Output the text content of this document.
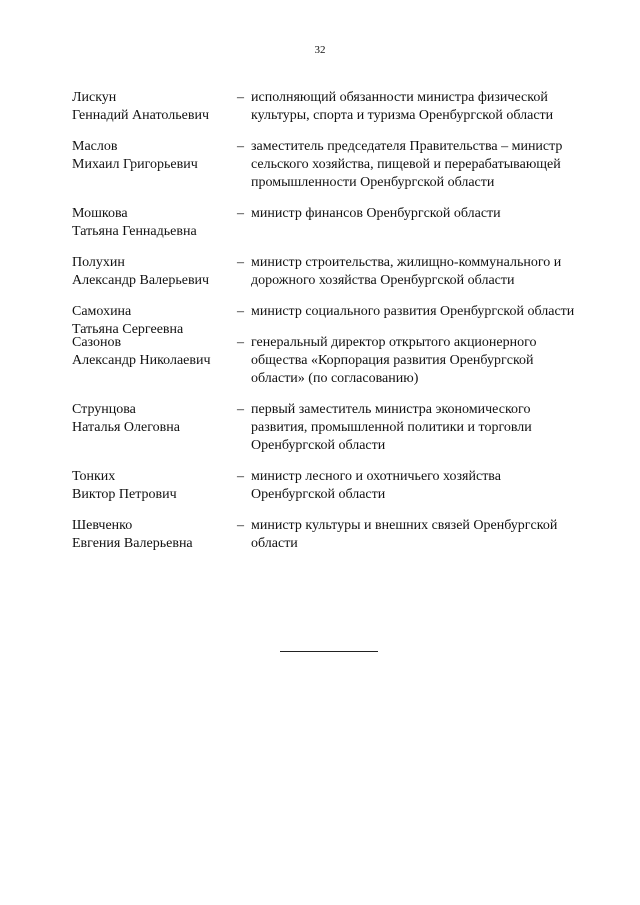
32
Лискун
Геннадий Анатольевич
– исполняющий обязанности министра физической культуры, спорта и туризма Оренбургской области
Маслов
Михаил Григорьевич
– заместитель председателя Правительства – министр сельского хозяйства, пищевой и перерабатывающей промышленности Оренбургской области
Мошкова
Татьяна Геннадьевна
– министр финансов Оренбургской области
Полухин
Александр Валерьевич
– министр строительства, жилищно-коммунального и дорожного хозяйства Оренбургской области
Самохина
Татьяна Сергеевна
– министр социального развития Оренбургской области
Сазонов
Александр Николаевич
– генеральный директор открытого акционерного общества «Корпорация развития Оренбургской области» (по согласованию)
Струнцова
Наталья Олеговна
– первый заместитель министра экономического развития, промышленной политики и торговли Оренбургской области
Тонких
Виктор Петрович
– министр лесного и охотничьего хозяйства Оренбургской области
Шевченко
Евгения Валерьевна
– министр культуры и внешних связей Оренбургской области
